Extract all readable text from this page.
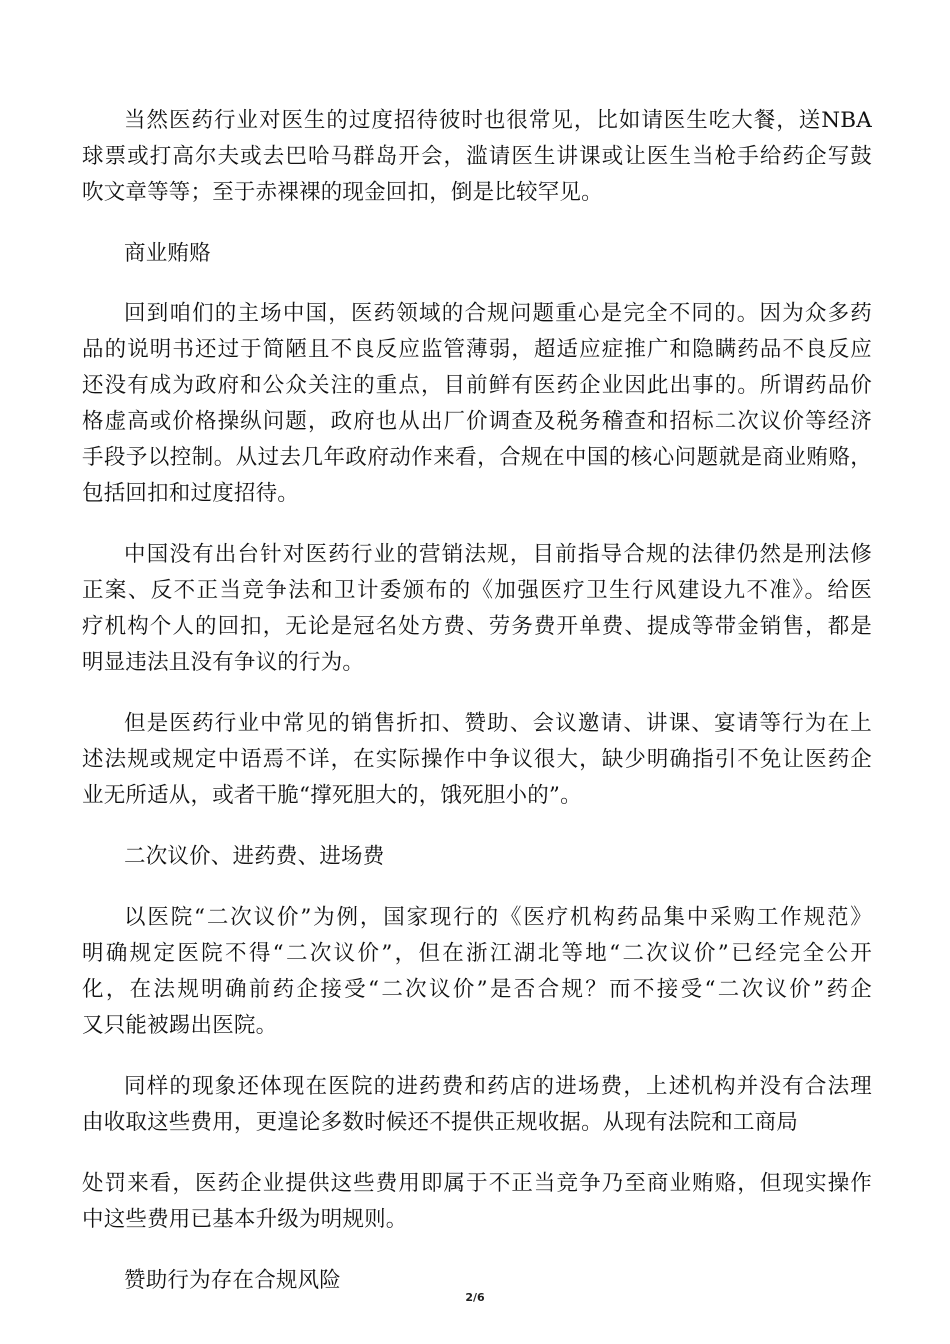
当然医药行业对医生的过度招待彼时也很常见，比如请医生吃大餐，送NBA
球票或打高尔夫或去巴哈马群岛开会，滥请医生讲课或让医生当枪手给药企写鼓
吹文章等等；至于赤裸裸的现金回扣，倒是比较罕见。
商业贿赂
回到咱们的主场中国，医药领域的合规问题重心是完全不同的。因为众多药
品的说明书还过于简陋且不良反应监管薄弱，超适应症推广和隐瞒药品不良反应
还没有成为政府和公众关注的重点，目前鲜有医药企业因此出事的。所谓药品价
格虚高或价格操纵问题，政府也从出厂价调查及税务稽查和招标二次议价等经济
手段予以控制。从过去几年政府动作来看，合规在中国的核心问题就是商业贿赂，
包括回扣和过度招待。
中国没有出台针对医药行业的营销法规，目前指导合规的法律仍然是刑法修
正案、反不正当竞争法和卫计委颁布的《加强医疗卫生行风建设九不准》。给医
疗机构个人的回扣，无论是冠名处方费、劳务费开单费、提成等带金销售，都是
明显违法且没有争议的行为。
但是医药行业中常见的销售折扣、赞助、会议邀请、讲课、宴请等行为在上
述法规或规定中语焉不详，在实际操作中争议很大，缺少明确指引不免让医药企
业无所适从，或者干脆“撑死胆大的，饿死胆小的”。
二次议价、进药费、进场费
以医院“二次议价”为例，国家现行的《医疗机构药品集中采购工作规范》
明确规定医院不得“二次议价”，但在浙江湖北等地“二次议价”已经完全公开
化，在法规明确前药企接受“二次议价”是否合规？而不接受“二次议价”药企
又只能被踢出医院。
同样的现象还体现在医院的进药费和药店的进场费，上述机构并没有合法理
由收取这些费用，更遑论多数时候还不提供正规收据。从现有法院和工商局
处罚来看，医药企业提供这些费用即属于不正当竞争乃至商业贿赂，但现实操作
中这些费用已基本升级为明规则。
赞助行为存在合规风险
2/6
